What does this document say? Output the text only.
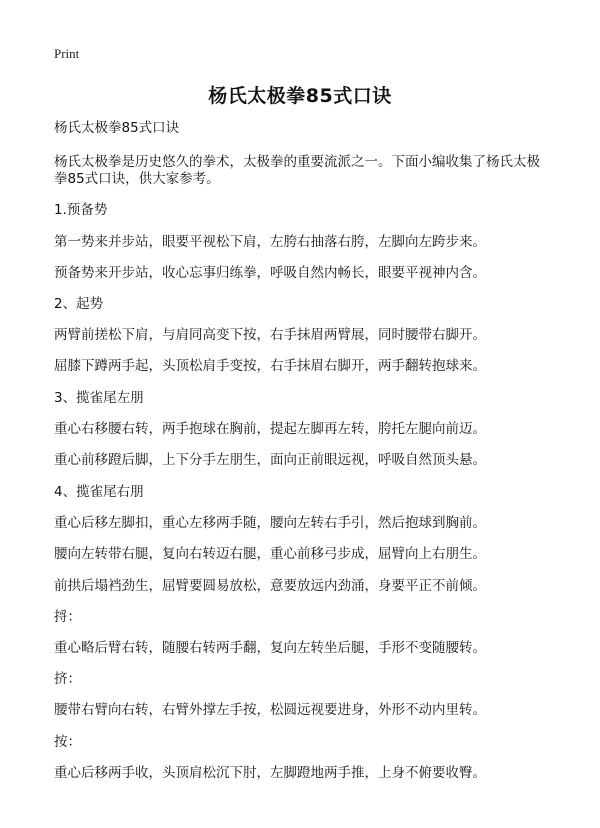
Print
杨氏太极拳85式口诀
杨氏太极拳85式口诀
杨氏太极拳是历史悠久的拳术，太极拳的重要流派之一。下面小编收集了杨氏太极
拳85式口诀，供大家参考。
1.预备势
第一势来并步站，眼要平视松下肩，左胯右抽落右胯，左脚向左跨步来。
预备势来开步站，收心忘事归练拳，呼吸自然内畅长，眼要平视神内含。
2、起势
两臂前搓松下肩，与肩同高变下按，右手抹眉两臂展，同时腰带右脚开。
屈膝下蹲两手起，头顶松肩手变按，右手抹眉右脚开，两手翻转抱球来。
3、揽雀尾左朋
重心右移腰右转，两手抱球在胸前，提起左脚再左转，胯托左腿向前迈。
重心前移蹬后脚，上下分手左朋生，面向正前眼远视，呼吸自然顶头悬。
4、揽雀尾右朋
重心后移左脚扣，重心左移两手随，腰向左转右手引，然后抱球到胸前。
腰向左转带右腿，复向右转迈右腿，重心前移弓步成，屈臂向上右朋生。
前拱后塌裆劲生，屈臂要圆易放松，意要放远内劲涌，身要平正不前倾。
捋：
重心略后臂右转，随腰右转两手翻，复向左转坐后腿，手形不变随腰转。
挤：
腰带右臂向右转，右臂外撑左手按，松圆远视要进身，外形不动内里转。
按：
重心后移两手收，头顶肩松沉下肘，左脚蹬地两手推，上身不俯要收臀。
